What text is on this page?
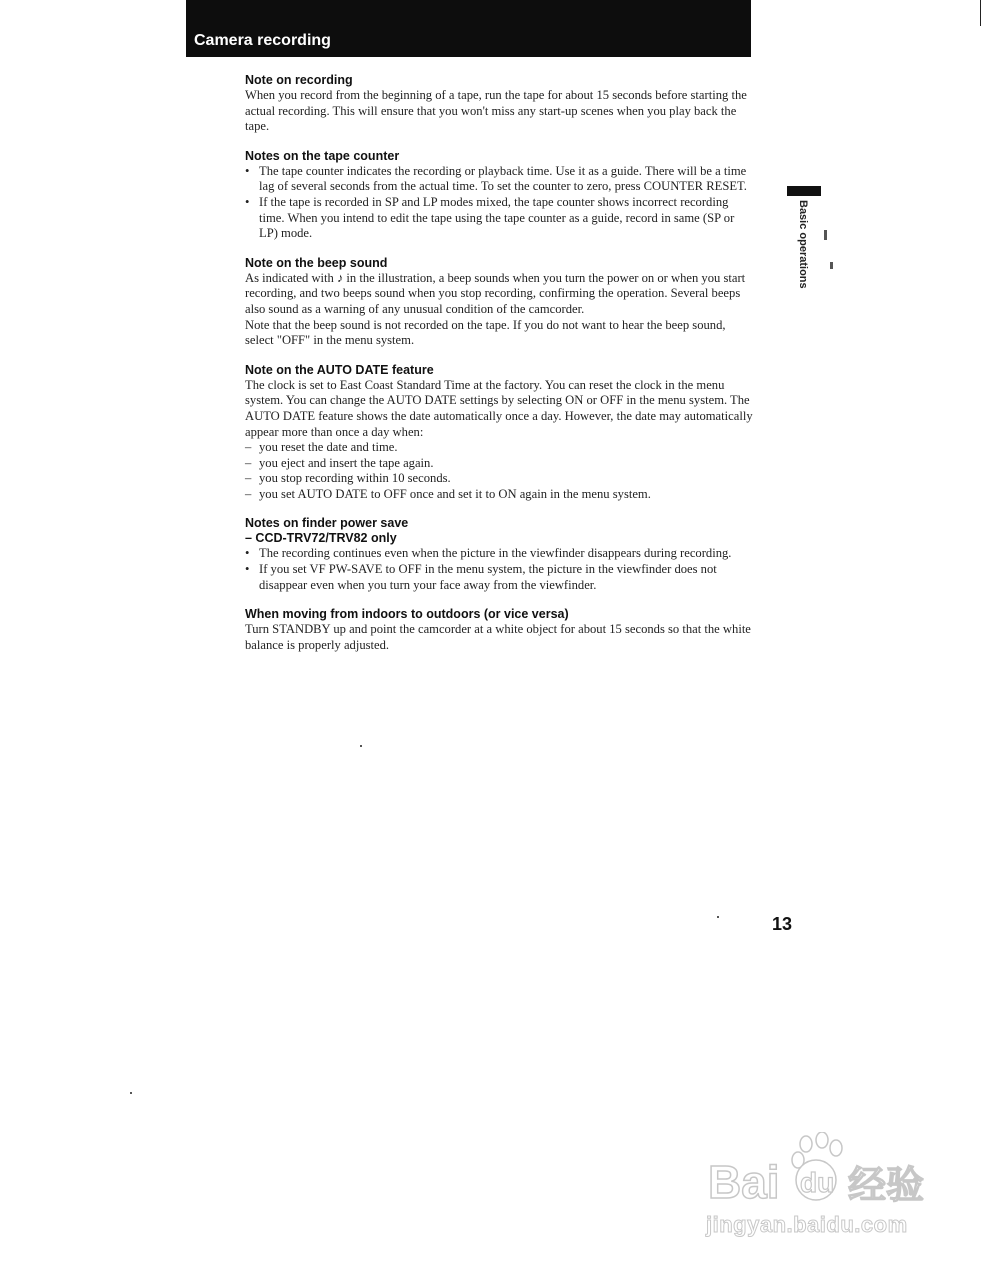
Camera recording
Note on recording
When you record from the beginning of a tape, run the tape for about 15 seconds before starting the actual recording. This will ensure that you won't miss any start-up scenes when you play back the tape.
Notes on the tape counter
• The tape counter indicates the recording or playback time. Use it as a guide. There will be a time lag of several seconds from the actual time. To set the counter to zero, press COUNTER RESET.
• If the tape is recorded in SP and LP modes mixed, the tape counter shows incorrect recording time. When you intend to edit the tape using the tape counter as a guide, record in same (SP or LP) mode.
Note on the beep sound
As indicated with ♪ in the illustration, a beep sounds when you turn the power on or when you start recording, and two beeps sound when you stop recording, confirming the operation. Several beeps also sound as a warning of any unusual condition of the camcorder.
Note that the beep sound is not recorded on the tape. If you do not want to hear the beep sound, select "OFF" in the menu system.
Note on the AUTO DATE feature
The clock is set to East Coast Standard Time at the factory. You can reset the clock in the menu system. You can change the AUTO DATE settings by selecting ON or OFF in the menu system. The AUTO DATE feature shows the date automatically once a day. However, the date may automatically appear more than once a day when:
– you reset the date and time.
– you eject and insert the tape again.
– you stop recording within 10 seconds.
– you set AUTO DATE to OFF once and set it to ON again in the menu system.
Notes on finder power save
– CCD-TRV72/TRV82 only
• The recording continues even when the picture in the viewfinder disappears during recording.
• If you set VF PW-SAVE to OFF in the menu system, the picture in the viewfinder does not disappear even when you turn your face away from the viewfinder.
When moving from indoors to outdoors (or vice versa)
Turn STANDBY up and point the camcorder at a white object for about 15 seconds so that the white balance is properly adjusted.
Basic operations
13
Bai du 经验
jingyan.baidu.com
